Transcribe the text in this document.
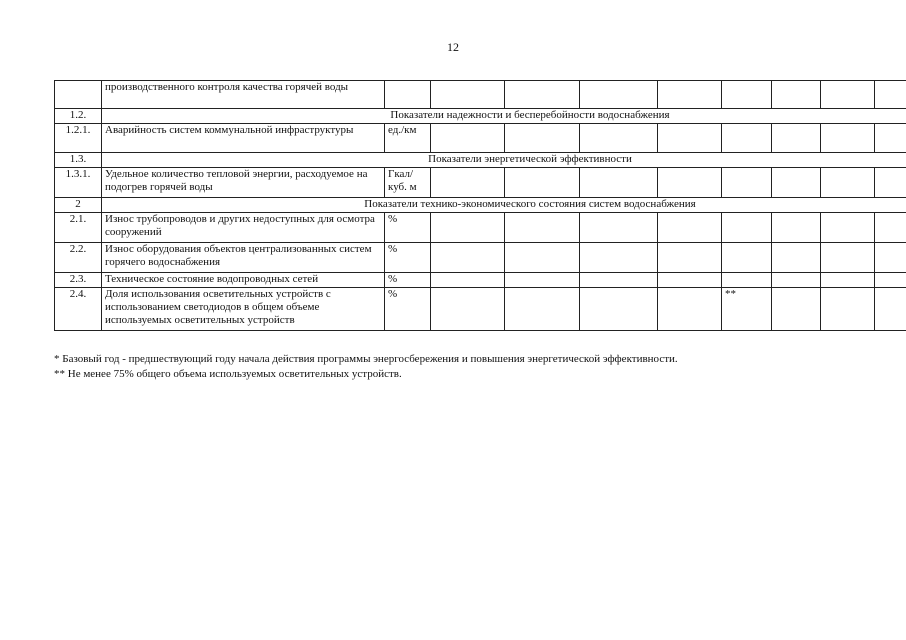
12
	производственного контроля качества горячей воды									
1.2.	Показатели надежности и бесперебойности водоснабжения									
1.2.1.	Аварийность систем коммунальной инфраструктуры	ед./км								
1.3.	Показатели энергетической эффективности									
1.3.1.	Удельное количество тепловой энергии, расходуемое на подогрев горячей воды	Гкал/ куб. м								
2	Показатели технико-экономического состояния систем водоснабжения									
2.1.	Износ трубопроводов и других недоступных для осмотра сооружений	%								
2.2.	Износ оборудования объектов централизованных систем горячего водоснабжения	%								
2.3.	Техническое состояние водопроводных сетей	%								
2.4.	Доля использования осветительных устройств с использованием светодиодов в общем объеме используемых осветительных устройств	%					**			
* Базовый год - предшествующий году начала действия программы энергосбережения и повышения энергетической эффективности.
** Не менее 75% общего объема используемых осветительных устройств.
